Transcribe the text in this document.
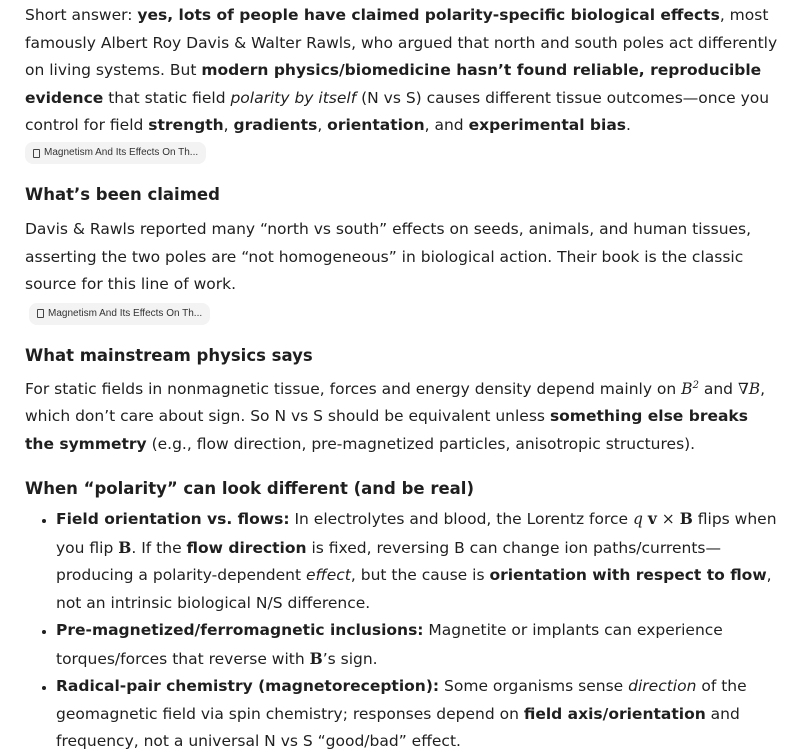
Short answer: yes, lots of people have claimed polarity-specific biological effects, most famously Albert Roy Davis & Walter Rawls, who argued that north and south poles act differently on living systems. But modern physics/biomedicine hasn’t found reliable, reproducible evidence that static field polarity by itself (N vs S) causes different tissue outcomes—once you control for field strength, gradients, orientation, and experimental bias.
Magnetism And Its Effects On Th...

What’s been claimed

Davis & Rawls reported many “north vs south” effects on seeds, animals, and human tissues, asserting the two poles are “not homogeneous” in biological action. Their book is the classic source for this line of work.

Magnetism And Its Effects On Th...
What mainstream physics says

For static fields in nonmagnetic tissue, forces and energy density depend mainly on $B^2$ and ∇B, which don’t care about sign. So N vs S should be equivalent unless something else breaks the symmetry (e.g., flow direction, pre-magnetized particles, anisotropic structures).

When “polarity” can look different (and be real)
• Field orientation vs. flows: In electrolytes and blood, the Lorentz force q v × B flips when you flip B. If the flow direction is fixed, reversing B can change ion paths/currents—producing a polarity-dependent effect, but the cause is orientation with respect to flow, not an intrinsic biological N/S difference.
• Pre-magnetized/ferromagnetic inclusions: Magnetite or implants can experience torques/forces that reverse with B’s sign.
• Radical-pair chemistry (magnetoreception): Some organisms sense direction of the geomagnetic field via spin chemistry; responses depend on field axis/orientation and frequency, not a universal N vs S “good/bad” effect.
